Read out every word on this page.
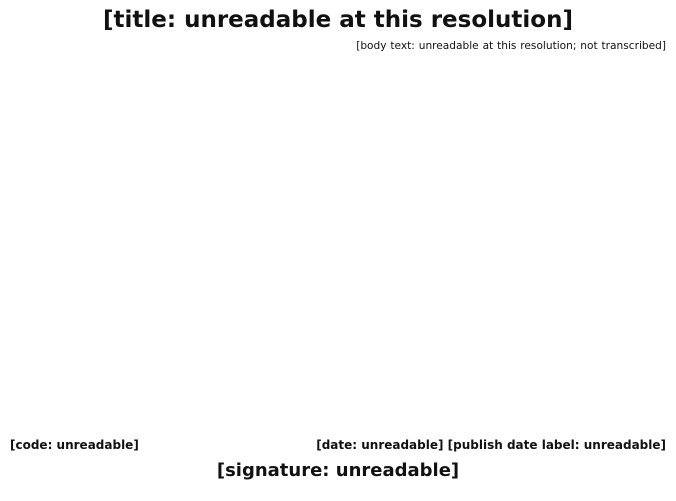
[title: unreadable at this resolution]

[body text: unreadable at this resolution; not transcribed]

[publish date label: unreadable] [date: unreadable]
[code: unreadable]
[signature: unreadable]
